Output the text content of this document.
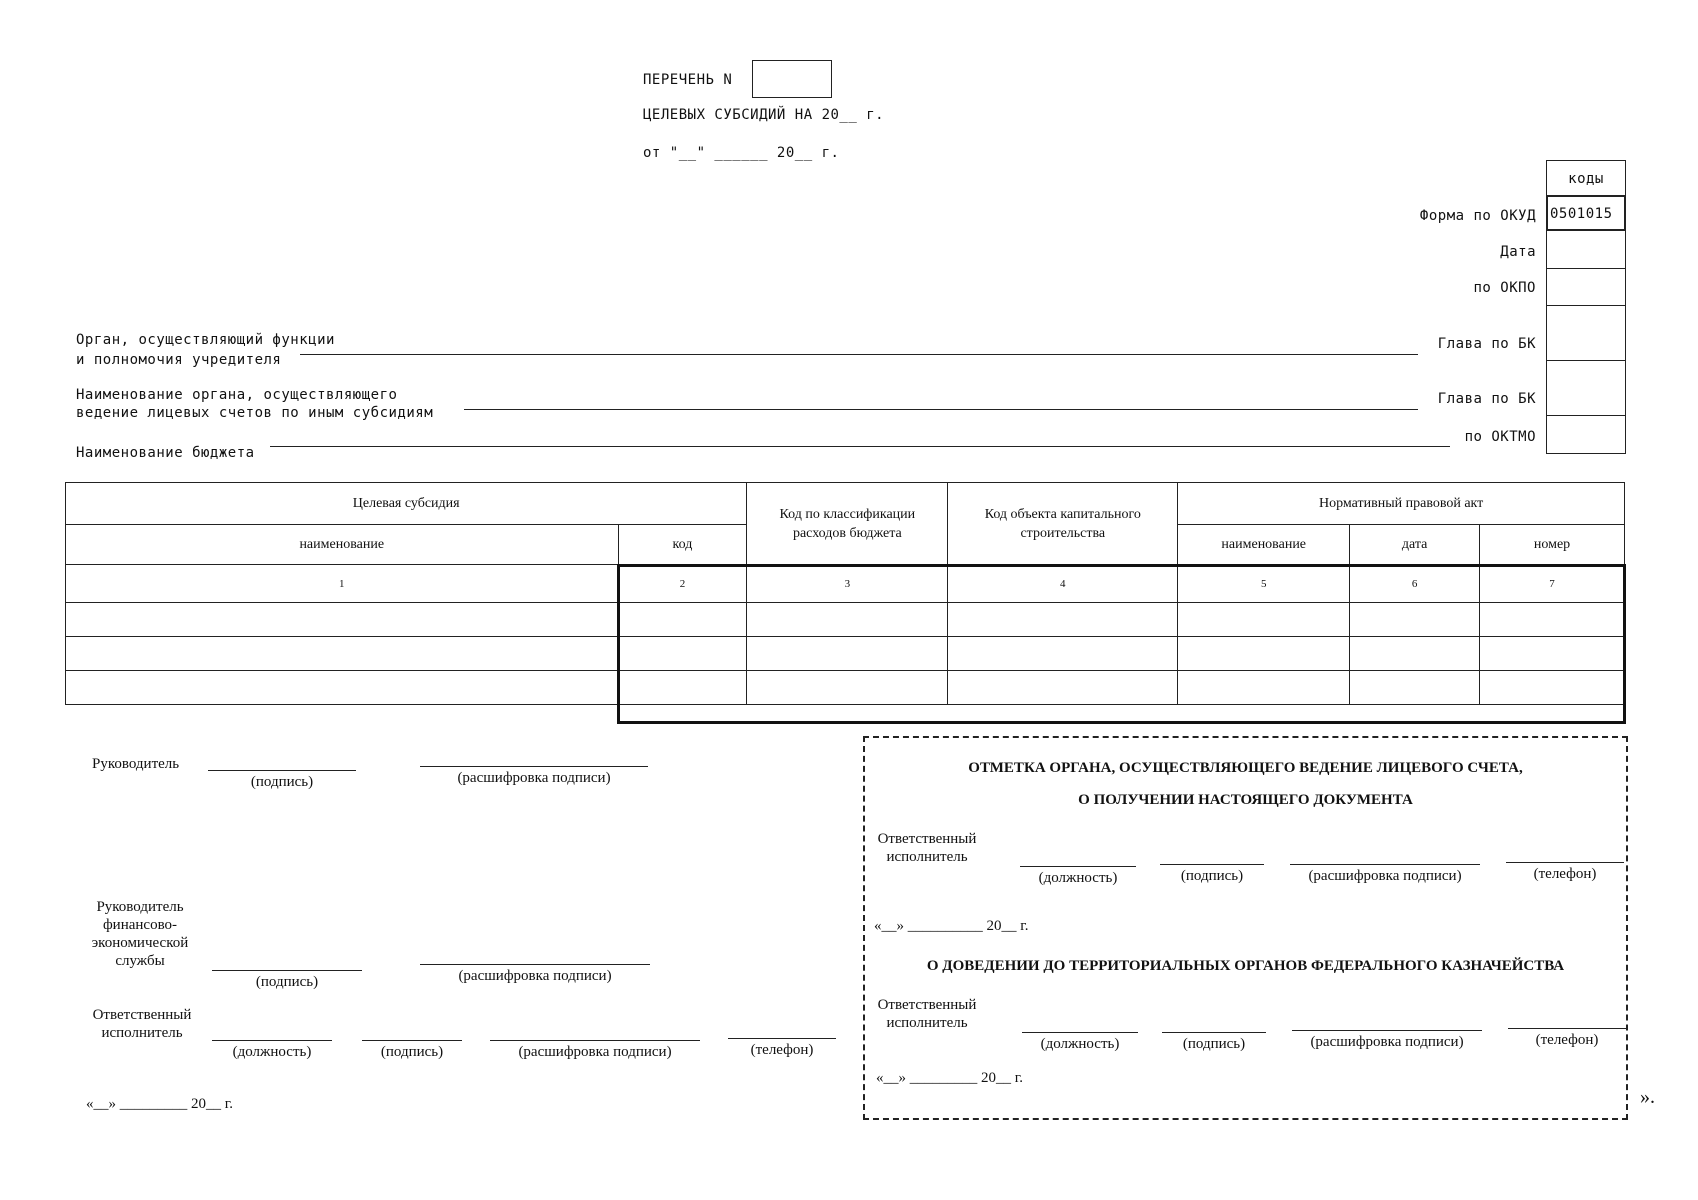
ПЕРЕЧЕНЬ N
ЦЕЛЕВЫХ СУБСИДИЙ НА 20__ г.
от "__" ______ 20__ г.
коды
0501015
Форма по ОКУД
Дата
по ОКПО
Глава по БК
Глава по БК
по ОКТМО
Орган, осуществляющий функции
и полномочия учредителя
Наименование органа, осуществляющего
ведение лицевых счетов по иным субсидиям
Наименование бюджета
Целевая субсидия		Код по классификации расходов бюджета	Код объекта капитального строительства	Нормативный правовой акт		
наименование	код			наименование	дата	номер
1	2	3	4	5	6	7

Руководитель
(подпись)	(расшифровка подписи)
Руководитель финансово-экономической службы
(подпись)	(расшифровка подписи)
Ответственный исполнитель
(должность)	(подпись)	(расшифровка подписи)	(телефон)
«__» _________ 20__ г.
ОТМЕТКА ОРГАНА, ОСУЩЕСТВЛЯЮЩЕГО ВЕДЕНИЕ ЛИЦЕВОГО СЧЕТА,
О ПОЛУЧЕНИИ НАСТОЯЩЕГО ДОКУМЕНТА
Ответственный исполнитель
(должность)	(подпись)	(расшифровка подписи)	(телефон)
«__» __________ 20__ г.
О ДОВЕДЕНИИ ДО ТЕРРИТОРИАЛЬНЫХ ОРГАНОВ ФЕДЕРАЛЬНОГО КАЗНАЧЕЙСТВА
Ответственный исполнитель
(должность)	(подпись)	(расшифровка подписи)	(телефон)
«__» _________ 20__ г.
».
